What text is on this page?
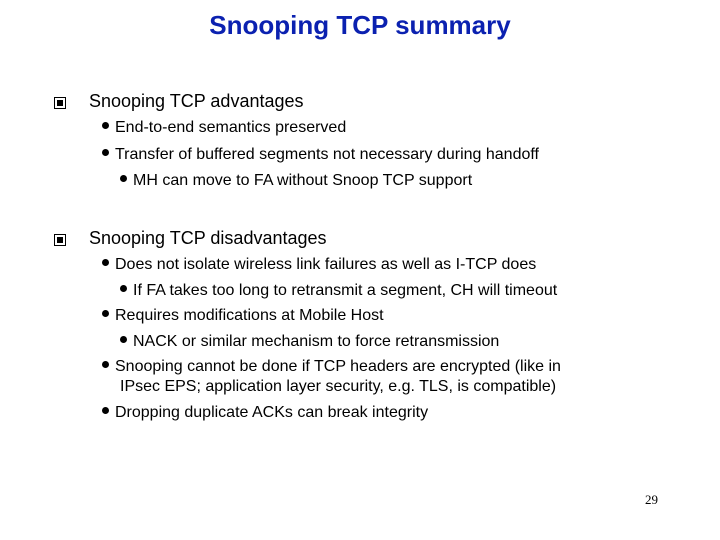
Snooping TCP summary
Snooping TCP advantages
End-to-end semantics preserved
Transfer of buffered segments not necessary during handoff
MH can move to FA without Snoop TCP support
Snooping TCP disadvantages
Does not isolate wireless link failures as well as I-TCP does
If FA takes too long to retransmit a segment, CH will timeout
Requires modifications at Mobile Host
NACK or similar mechanism to force retransmission
Snooping cannot be done if TCP headers are encrypted (like in
IPsec EPS; application layer security, e.g. TLS, is compatible)
Dropping duplicate ACKs can break integrity
29
